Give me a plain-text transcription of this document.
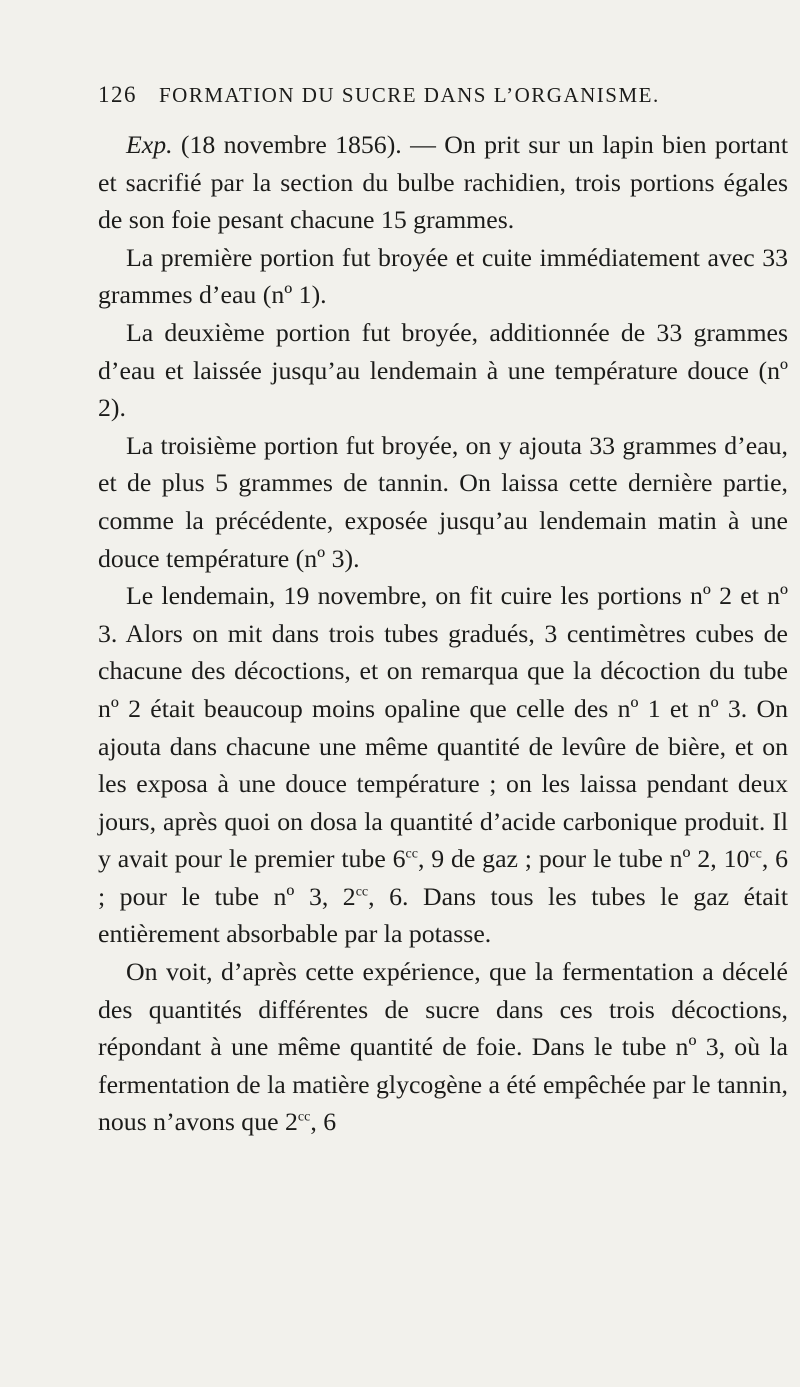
126 FORMATION DU SUCRE DANS L’ORGANISME.

Exp. (18 novembre 1856). — On prit sur un lapin bien portant et sacrifié par la section du bulbe rachidien, trois portions égales de son foie pesant chacune 15 grammes.

La première portion fut broyée et cuite immédiatement avec 33 grammes d’eau (nº 1).

La deuxième portion fut broyée, additionnée de 33 grammes d’eau et laissée jusqu’au lendemain à une température douce (nº 2).

La troisième portion fut broyée, on y ajouta 33 grammes d’eau, et de plus 5 grammes de tannin. On laissa cette dernière partie, comme la précédente, exposée jusqu’au lendemain matin à une douce température (nº 3).

Le lendemain, 19 novembre, on fit cuire les portions nº 2 et nº 3. Alors on mit dans trois tubes gradués, 3 centimètres cubes de chacune des décoctions, et on remarqua que la décoction du tube nº 2 était beaucoup moins opaline que celle des nº 1 et nº 3. On ajouta dans chacune une même quantité de levûre de bière, et on les exposa à une douce température ; on les laissa pendant deux jours, après quoi on dosa la quantité d’acide carbonique produit. Il y avait pour le premier tube $6^{cc}$, 9 de gaz ; pour le tube nº 2, $10^{cc}$, 6 ; pour le tube nº 3, $2^{cc}$, 6. Dans tous les tubes le gaz était entièrement absorbable par la potasse.

On voit, d’après cette expérience, que la fermentation a décelé des quantités différentes de sucre dans ces trois décoctions, répondant à une même quantité de foie. Dans le tube nº 3, où la fermentation de la matière glycogène a été empêchée par le tannin, nous n’avons que $2^{cc}$, 6
